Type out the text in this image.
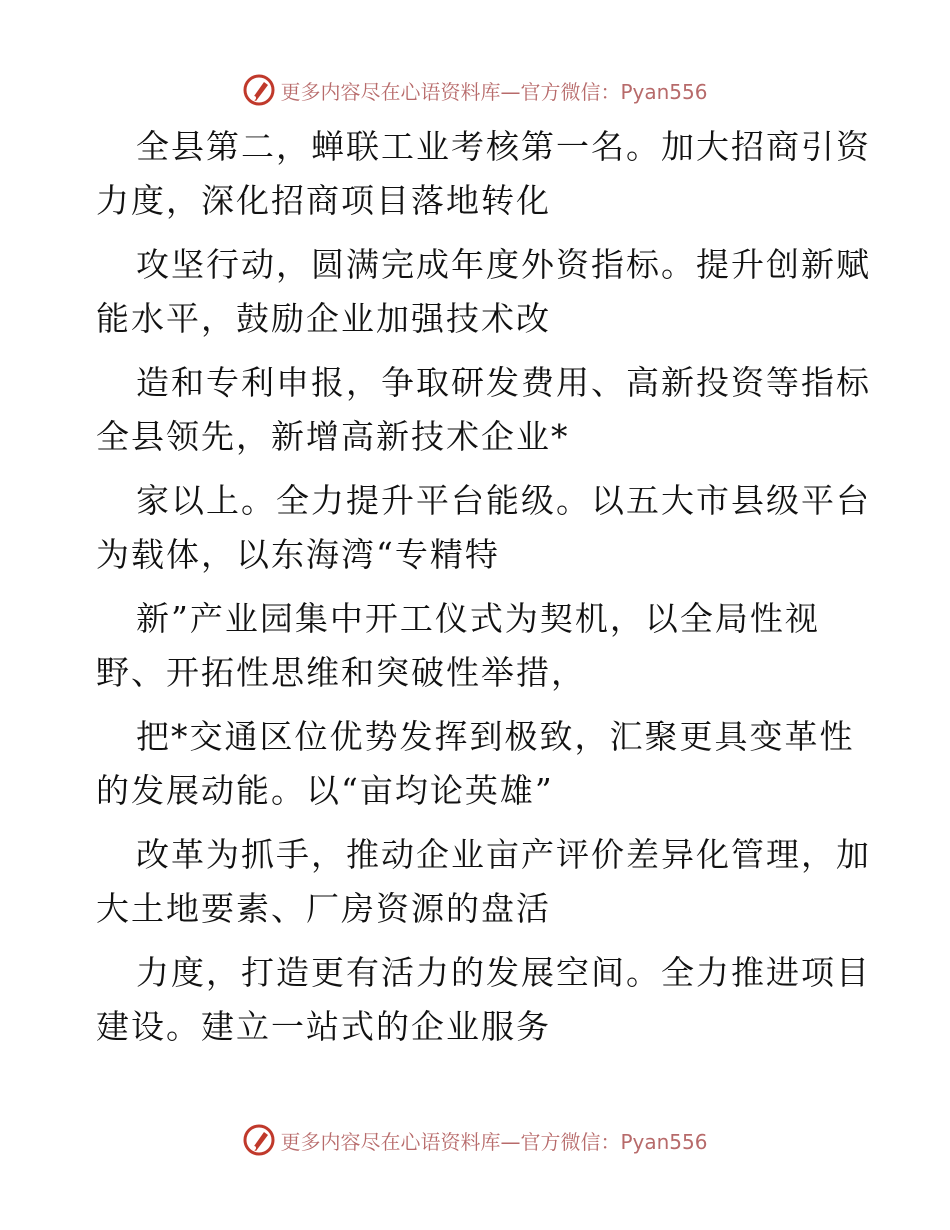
更多内容尽在心语资料库—官方微信：Pyan556

全县第二，蝉联工业考核第一名。加大招商引资
力度，深化招商项目落地转化

攻坚行动，圆满完成年度外资指标。提升创新赋
能水平，鼓励企业加强技术改

造和专利申报，争取研发费用、高新投资等指标
全县领先，新增高新技术企业*

家以上。全力提升平台能级。以五大市县级平台
为载体，以东海湾“专精特

新”产业园集中开工仪式为契机，以全局性视
野、开拓性思维和突破性举措，

把*交通区位优势发挥到极致，汇聚更具变革性
的发展动能。以“亩均论英雄”

改革为抓手，推动企业亩产评价差异化管理，加
大土地要素、厂房资源的盘活

力度，打造更有活力的发展空间。全力推进项目
建设。建立一站式的企业服务

更多内容尽在心语资料库—官方微信：Pyan556
